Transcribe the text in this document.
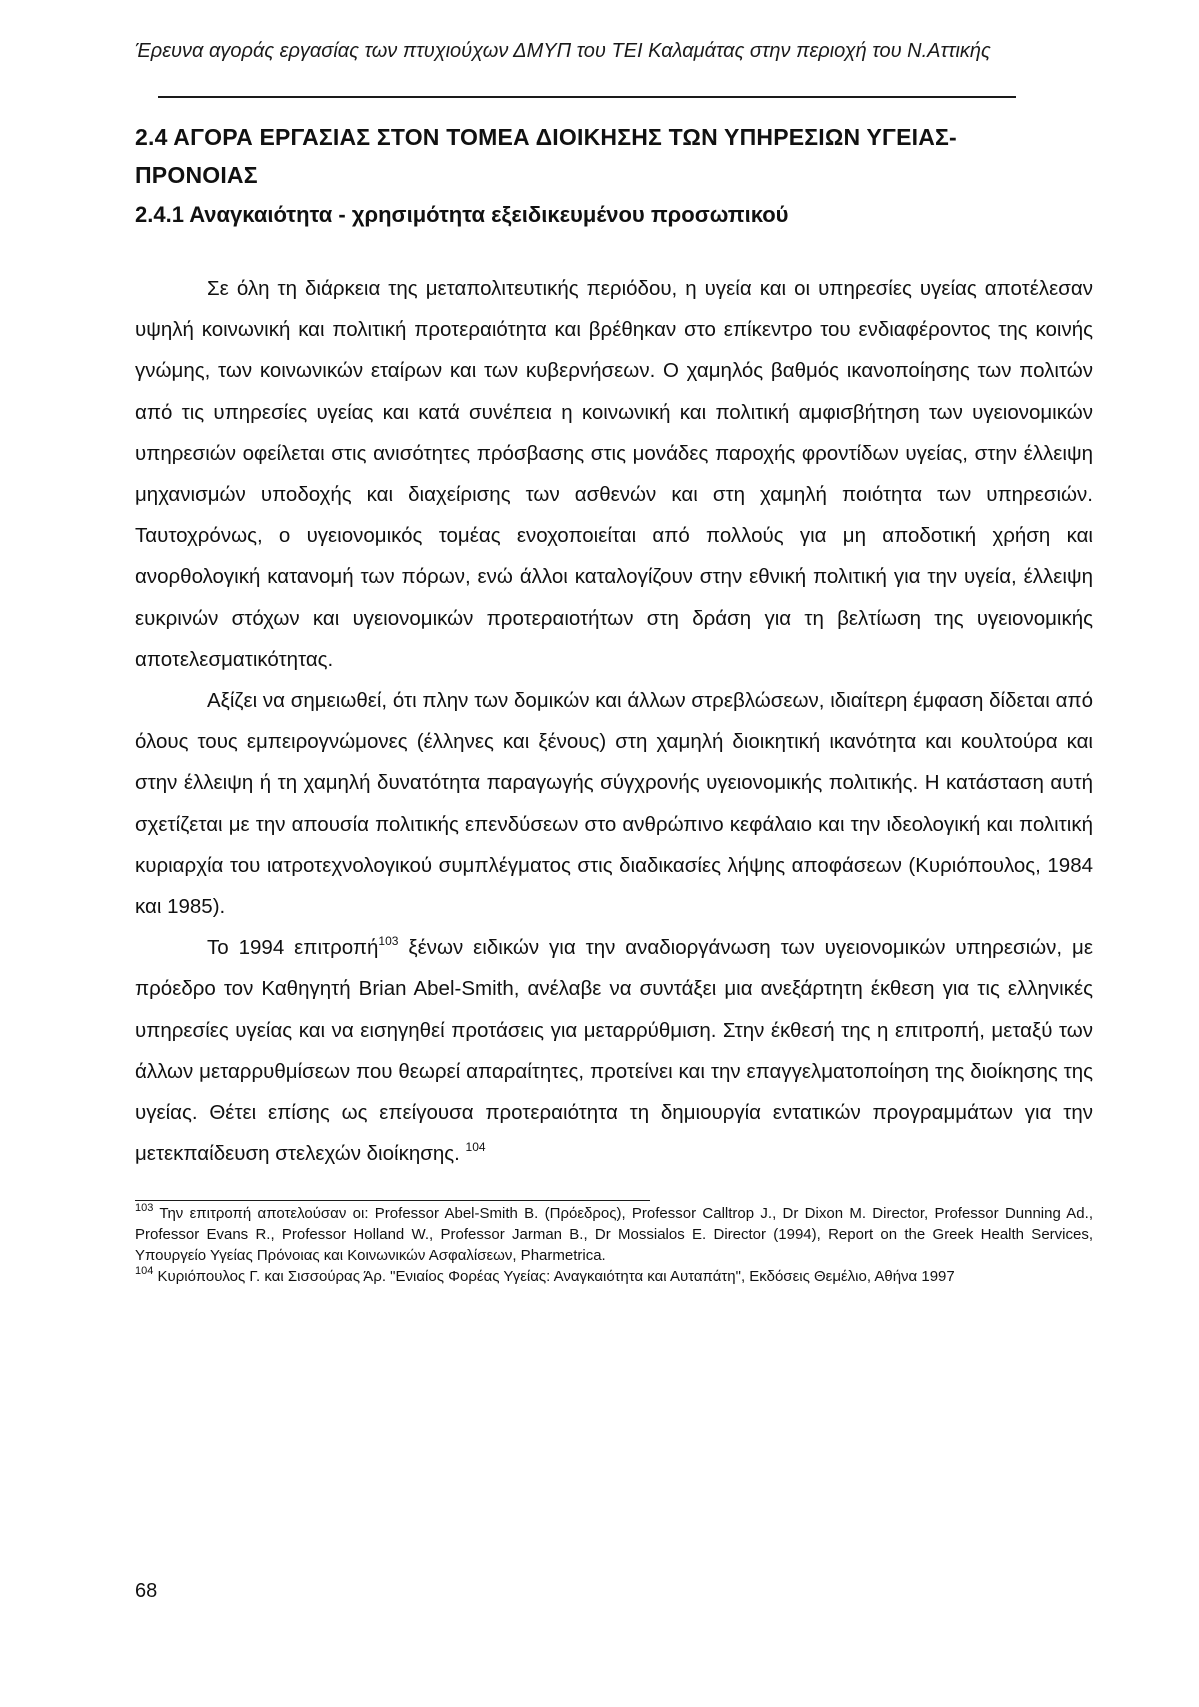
Έρευνα αγοράς εργασίας των πτυχιούχων ΔΜΥΠ του ΤΕΙ Καλαμάτας στην περιοχή του Ν.Αττικής
2.4 ΑΓΟΡΑ ΕΡΓΑΣΙΑΣ ΣΤΟΝ ΤΟΜΕΑ ΔΙΟΙΚΗΣΗΣ ΤΩΝ ΥΠΗΡΕΣΙΩΝ ΥΓΕΙΑΣ-ΠΡΟΝΟΙΑΣ
2.4.1 Αναγκαιότητα - χρησιμότητα εξειδικευμένου προσωπικού

Σε όλη τη διάρκεια της μεταπολιτευτικής περιόδου, η υγεία και οι υπηρεσίες υγείας αποτέλεσαν υψηλή κοινωνική και πολιτική προτεραιότητα και βρέθηκαν στο επίκεντρο του ενδιαφέροντος της κοινής γνώμης, των κοινωνικών εταίρων και των κυβερνήσεων. Ο χαμηλός βαθμός ικανοποίησης των πολιτών από τις υπηρεσίες υγείας και κατά συνέπεια η κοινωνική και πολιτική αμφισβήτηση των υγειονομικών υπηρεσιών οφείλεται στις ανισότητες πρόσβασης στις μονάδες παροχής φροντίδων υγείας, στην έλλειψη μηχανισμών υποδοχής και διαχείρισης των ασθενών και στη χαμηλή ποιότητα των υπηρεσιών. Ταυτοχρόνως, ο υγειονομικός τομέας ενοχοποιείται από πολλούς για μη αποδοτική χρήση και ανορθολογική κατανομή των πόρων, ενώ άλλοι καταλογίζουν στην εθνική πολιτική για την υγεία, έλλειψη ευκρινών στόχων και υγειονομικών προτεραιοτήτων στη δράση για τη βελτίωση της υγειονομικής αποτελεσματικότητας.

Αξίζει να σημειωθεί, ότι πλην των δομικών και άλλων στρεβλώσεων, ιδιαίτερη έμφαση δίδεται από όλους τους εμπειρογνώμονες (έλληνες και ξένους) στη χαμηλή διοικητική ικανότητα και κουλτούρα και στην έλλειψη ή τη χαμηλή δυνατότητα παραγωγής σύγχρονής υγειονομικής πολιτικής. Η κατάσταση αυτή σχετίζεται με την απουσία πολιτικής επενδύσεων στο ανθρώπινο κεφάλαιο και την ιδεολογική και πολιτική κυριαρχία του ιατροτεχνολογικού συμπλέγματος στις διαδικασίες λήψης αποφάσεων (Κυριόπουλος, 1984 και 1985).

Το 1994 επιτροπή$^{103}$ ξένων ειδικών για την αναδιοργάνωση των υγειονομικών υπηρεσιών, με πρόεδρο τον Καθηγητή Brian Abel-Smith, ανέλαβε να συντάξει μια ανεξάρτητη έκθεση για τις ελληνικές υπηρεσίες υγείας και να εισηγηθεί προτάσεις για μεταρρύθμιση. Στην έκθεσή της η επιτροπή, μεταξύ των άλλων μεταρρυθμίσεων που θεωρεί απαραίτητες, προτείνει και την επαγγελματοποίηση της διοίκησης της υγείας. Θέτει επίσης ως επείγουσα προτεραιότητα τη δημιουργία εντατικών προγραμμάτων για την μετεκπαίδευση στελεχών διοίκησης. $^{104}$

$^{103}$ Την επιτροπή αποτελούσαν οι: Professor Abel-Smith B. (Πρόεδρος), Professor Calltrop J., Dr Dixon M. Director, Professor Dunning Ad., Professor Evans R., Professor Holland W., Professor Jarman B., Dr Mossialos E. Director (1994), Report on the Greek Health Services, Υπουργείο Υγείας Πρόνοιας και Κοινωνικών Ασφαλίσεων, Pharmetrica.

$^{104}$ Κυριόπουλος Γ. και Σισσούρας Άρ. "Ενιαίος Φορέας Υγείας: Αναγκαιότητα και Αυταπάτη", Εκδόσεις Θεμέλιο, Αθήνα 1997

68
